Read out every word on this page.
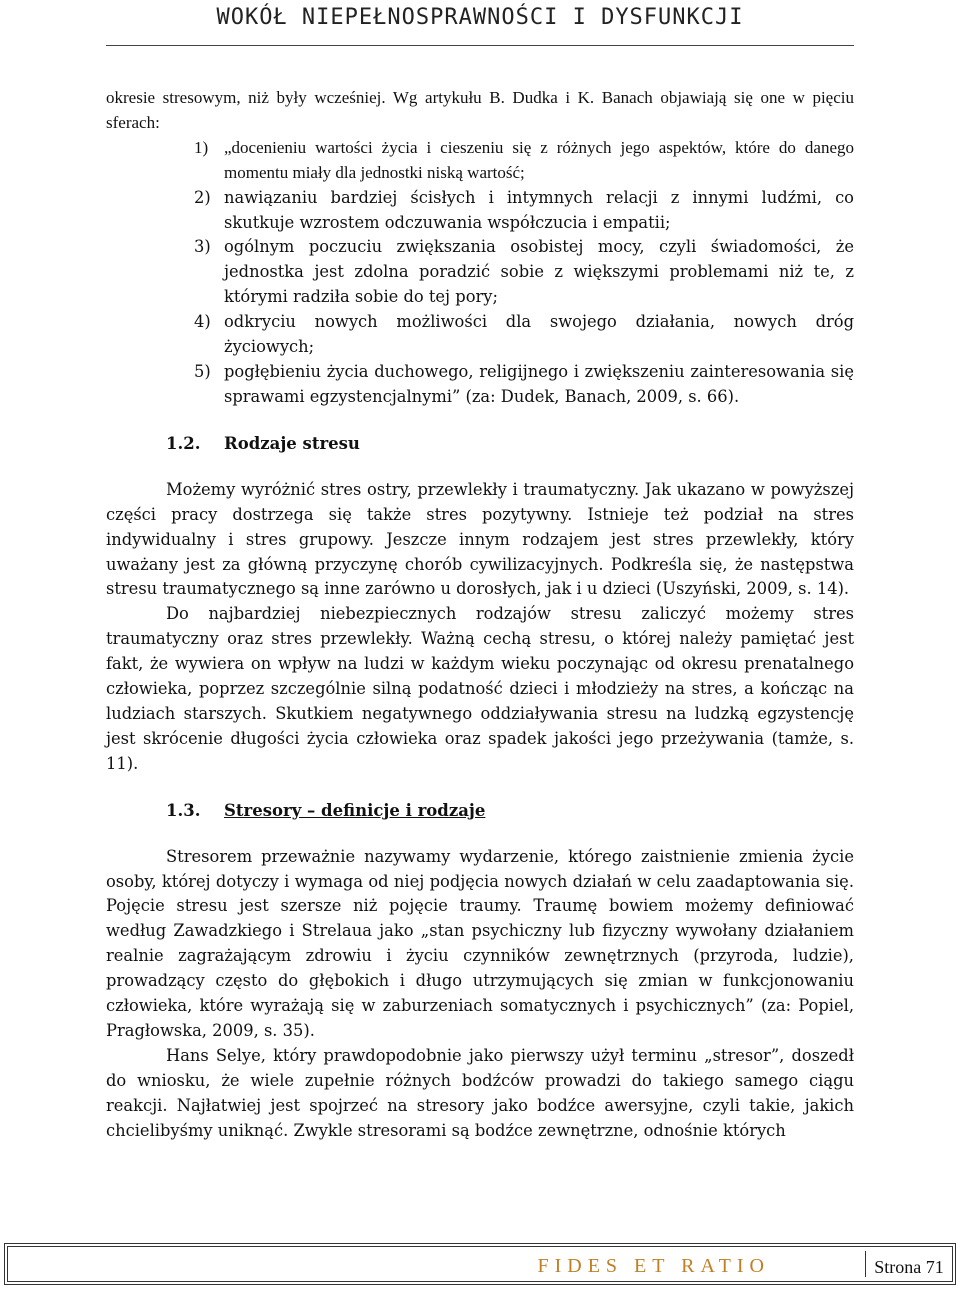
WOKÓŁ NIEPEŁNOSPRAWNOŚCI I DYSFUNKCJI

okresie stresowym, niż były wcześniej. Wg artykułu B. Dudka i K. Banach objawiają się one w pięciu sferach:

1) „docenieniu wartości życia i cieszeniu się z różnych jego aspektów, które do danego momentu miały dla jednostki niską wartość;
2) nawiązaniu bardziej ścisłych i intymnych relacji z innymi ludźmi, co skutkuje wzrostem odczuwania współczucia i empatii;
3) ogólnym poczuciu zwiększania osobistej mocy, czyli świadomości, że jednostka jest zdolna poradzić sobie z większymi problemami niż te, z którymi radziła sobie do tej pory;
4) odkryciu nowych możliwości dla swojego działania, nowych dróg życiowych;
5) pogłębieniu życia duchowego, religijnego i zwiększeniu zainteresowania się sprawami egzystencjalnymi” (za: Dudek, Banach, 2009, s. 66).
1.2. Rodzaje stresu

Możemy wyróżnić stres ostry, przewlekły i traumatyczny. Jak ukazano w powyższej części pracy dostrzega się także stres pozytywny. Istnieje też podział na stres indywidualny i stres grupowy. Jeszcze innym rodzajem jest stres przewlekły, który uważany jest za główną przyczynę chorób cywilizacyjnych. Podkreśla się, że następstwa stresu traumatycznego są inne zarówno u dorosłych, jak i u dzieci (Uszyński, 2009, s. 14).

Do najbardziej niebezpiecznych rodzajów stresu zaliczyć możemy stres traumatyczny oraz stres przewlekły. Ważną cechą stresu, o której należy pamiętać jest fakt, że wywiera on wpływ na ludzi w każdym wieku poczynając od okresu prenatalnego człowieka, poprzez szczególnie silną podatność dzieci i młodzieży na stres, a kończąc na ludziach starszych. Skutkiem negatywnego oddziaływania stresu na ludzką egzystencję jest skrócenie długości życia człowieka oraz spadek jakości jego przeżywania (tamże, s. 11).

1.3. Stresory – definicje i rodzaje

Stresorem przeważnie nazywamy wydarzenie, którego zaistnienie zmienia życie osoby, której dotyczy i wymaga od niej podjęcia nowych działań w celu zaadaptowania się. Pojęcie stresu jest szersze niż pojęcie traumy. Traumę bowiem możemy definiować według Zawadzkiego i Strelaua jako „stan psychiczny lub fizyczny wywołany działaniem realnie zagrażającym zdrowiu i życiu czynników zewnętrznych (przyroda, ludzie), prowadzący często do głębokich i długo utrzymujących się zmian w funkcjonowaniu człowieka, które wyrażają się w zaburzeniach somatycznych i psychicznych” (za: Popiel, Pragłowska, 2009, s. 35).

Hans Selye, który prawdopodobnie jako pierwszy użył terminu „stresor”, doszedł do wniosku, że wiele zupełnie różnych bodźców prowadzi do takiego samego ciągu reakcji. Najłatwiej jest spojrzeć na stresory jako bodźce awersyjne, czyli takie, jakich chcielibyśmy uniknąć. Zwykle stresorami są bodźce zewnętrzne, odnośnie których

FIDES ET RATIO	Strona 71
